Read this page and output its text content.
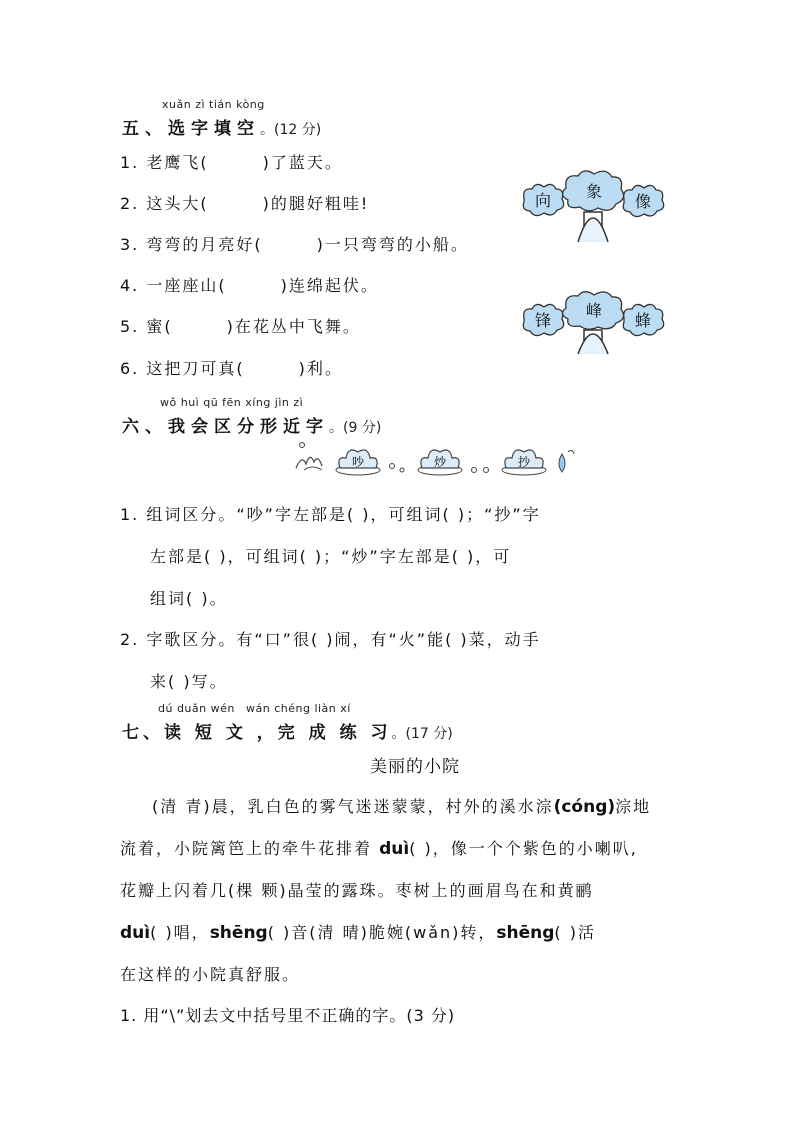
xuǎn zì tián kòng
五、选字填空。(12 分)
1. 老鹰飞(	)了蓝天。
2. 这头大(	)的腿好粗哇!
3. 弯弯的月亮好(	)一只弯弯的小船。
4. 一座座山(	)连绵起伏。
5. 蜜(	)在花丛中飞舞。
6. 这把刀可真(	)利。
象
向	像
峰
锋	蜂
wǒ huì qū fēn xíng jìn zì
六、我会区分形近字。(9 分)
吵	炒	抄
1. 组词区分。“吵”字左部是( )，可组词( )；“抄”字
左部是( )，可组词( )；“炒”字左部是( )，可
组词( )。
2. 字歌区分。有“口”很( )闹，有“火”能( )菜，动手
来( )写。
dú duǎn wén wán chéng liàn xí
七、读 短 文 ，完 成 练 习。(17 分)
美丽的小院
(清 青)晨，乳白色的雾气迷迷蒙蒙，村外的溪水淙(cóng)淙地
流着，小院篱笆上的牵牛花排着 duì( )，像一个个紫色的小喇叭,
花瓣上闪着几(棵 颗)晶莹的露珠。枣树上的画眉鸟在和黄鹂
duì( )唱，shēng( )音(清 晴)脆婉(wǎn)转，shēng( )活
在这样的小院真舒服。
1. 用“\”划去文中括号里不正确的字。(3 分)
